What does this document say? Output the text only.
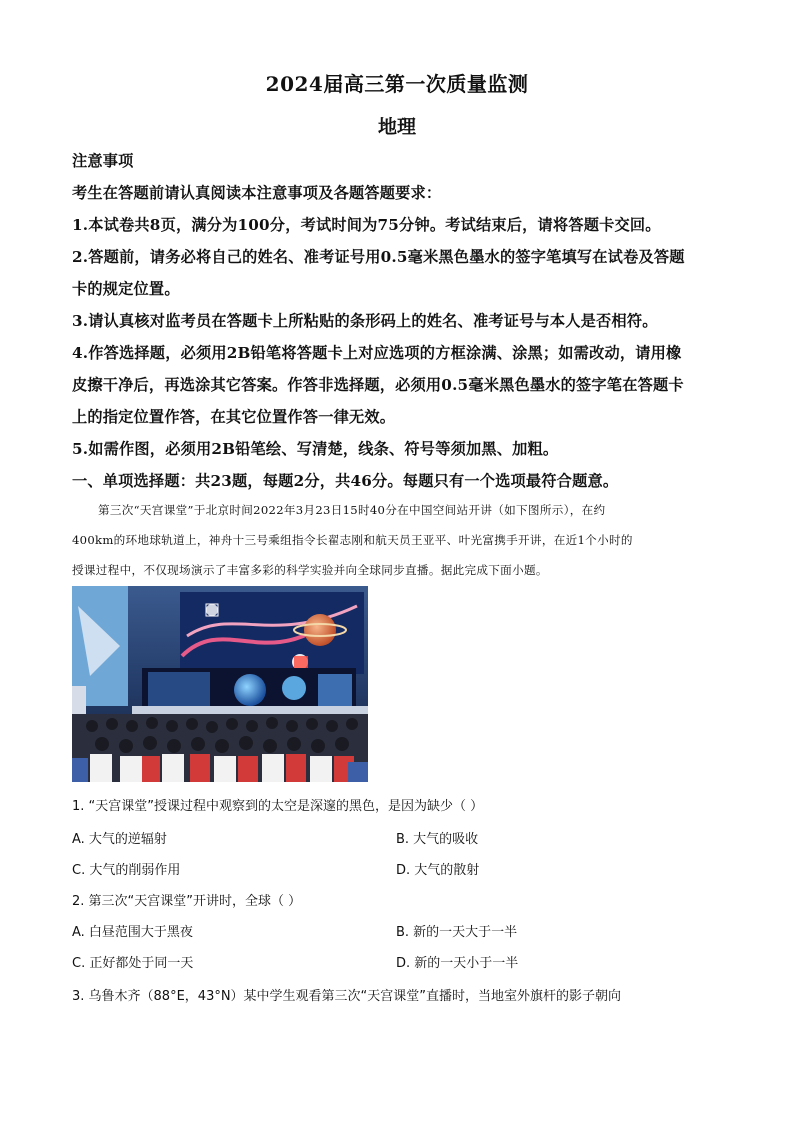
2024届高三第一次质量监测
地理
注意事项
考生在答题前请认真阅读本注意事项及各题答题要求：
1.本试卷共8页，满分为100分，考试时间为75分钟。考试结束后，请将答题卡交回。
2.答题前，请务必将自己的姓名、准考证号用0.5毫米黑色墨水的签字笔填写在试卷及答题
卡的规定位置。
3.请认真核对监考员在答题卡上所粘贴的条形码上的姓名、准考证号与本人是否相符。
4.作答选择题，必须用2B铅笔将答题卡上对应选项的方框涂满、涂黑；如需改动，请用橡
皮擦干净后，再选涂其它答案。作答非选择题，必须用0.5毫米黑色墨水的签字笔在答题卡
上的指定位置作答，在其它位置作答一律无效。
5.如需作图，必须用2B铅笔绘、写清楚，线条、符号等须加黑、加粗。
一、单项选择题：共23题，每题2分，共46分。每题只有一个选项最符合题意。
第三次“天宫课堂”于北京时间2022年3月23日15时40分在中国空间站开讲（如下图所示），在约
400km的环地球轨道上，神舟十三号乘组指令长翟志刚和航天员王亚平、叶光富携手开讲，在近1个小时的
授课过程中，不仅现场演示了丰富多彩的科学实验并向全球同步直播。据此完成下面小题。
1. “天宫课堂”授课过程中观察到的太空是深邃的黑色，是因为缺少（ ）
A. 大气的逆辐射	B. 大气的吸收
C. 大气的削弱作用	D. 大气的散射
2. 第三次“天宫课堂”开讲时，全球（ ）
A. 白昼范围大于黑夜	B. 新的一天大于一半
C. 正好都处于同一天	D. 新的一天小于一半
3. 乌鲁木齐（88°E，43°N）某中学生观看第三次“天宫课堂”直播时，当地室外旗杆的影子朝向
